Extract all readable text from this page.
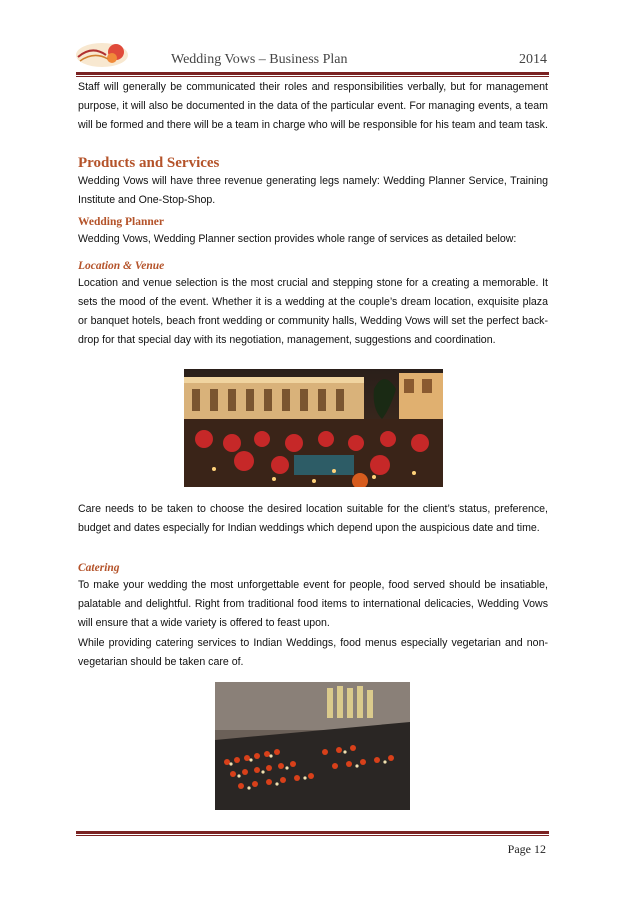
Wedding Vows – Business Plan	2014

Staff will generally be communicated their roles and responsibilities verbally, but for management purpose, it will also be documented in the data of the particular event. For managing events, a team will be formed and there will be a team in charge who will be responsible for his team and team task.

Products and Services

Wedding Vows will have three revenue generating legs namely: Wedding Planner Service, Training Institute and One-Stop-Shop.

Wedding Planner

Wedding Vows, Wedding Planner section provides whole range of services as detailed below:

Location & Venue

Location and venue selection is the most crucial and stepping stone for a creating a memorable. It sets the mood of the event. Whether it is a wedding at the couple’s dream location, exquisite plaza or banquet hotels, beach front wedding or community halls, Wedding Vows will set the perfect back-drop for that special day with its negotiation, management, suggestions and coordination.

Care needs to be taken to choose the desired location suitable for the client’s status, preference, budget and dates especially for Indian weddings which depend upon the auspicious date and time.

Catering

To make your wedding the most unforgettable event for people, food served should be insatiable, palatable and delightful. Right from traditional food items to international delicacies, Wedding Vows will ensure that a wide variety is offered to feast upon.

While providing catering services to Indian Weddings, food menus especially vegetarian and non-vegetarian should be taken care of.

Page 12
